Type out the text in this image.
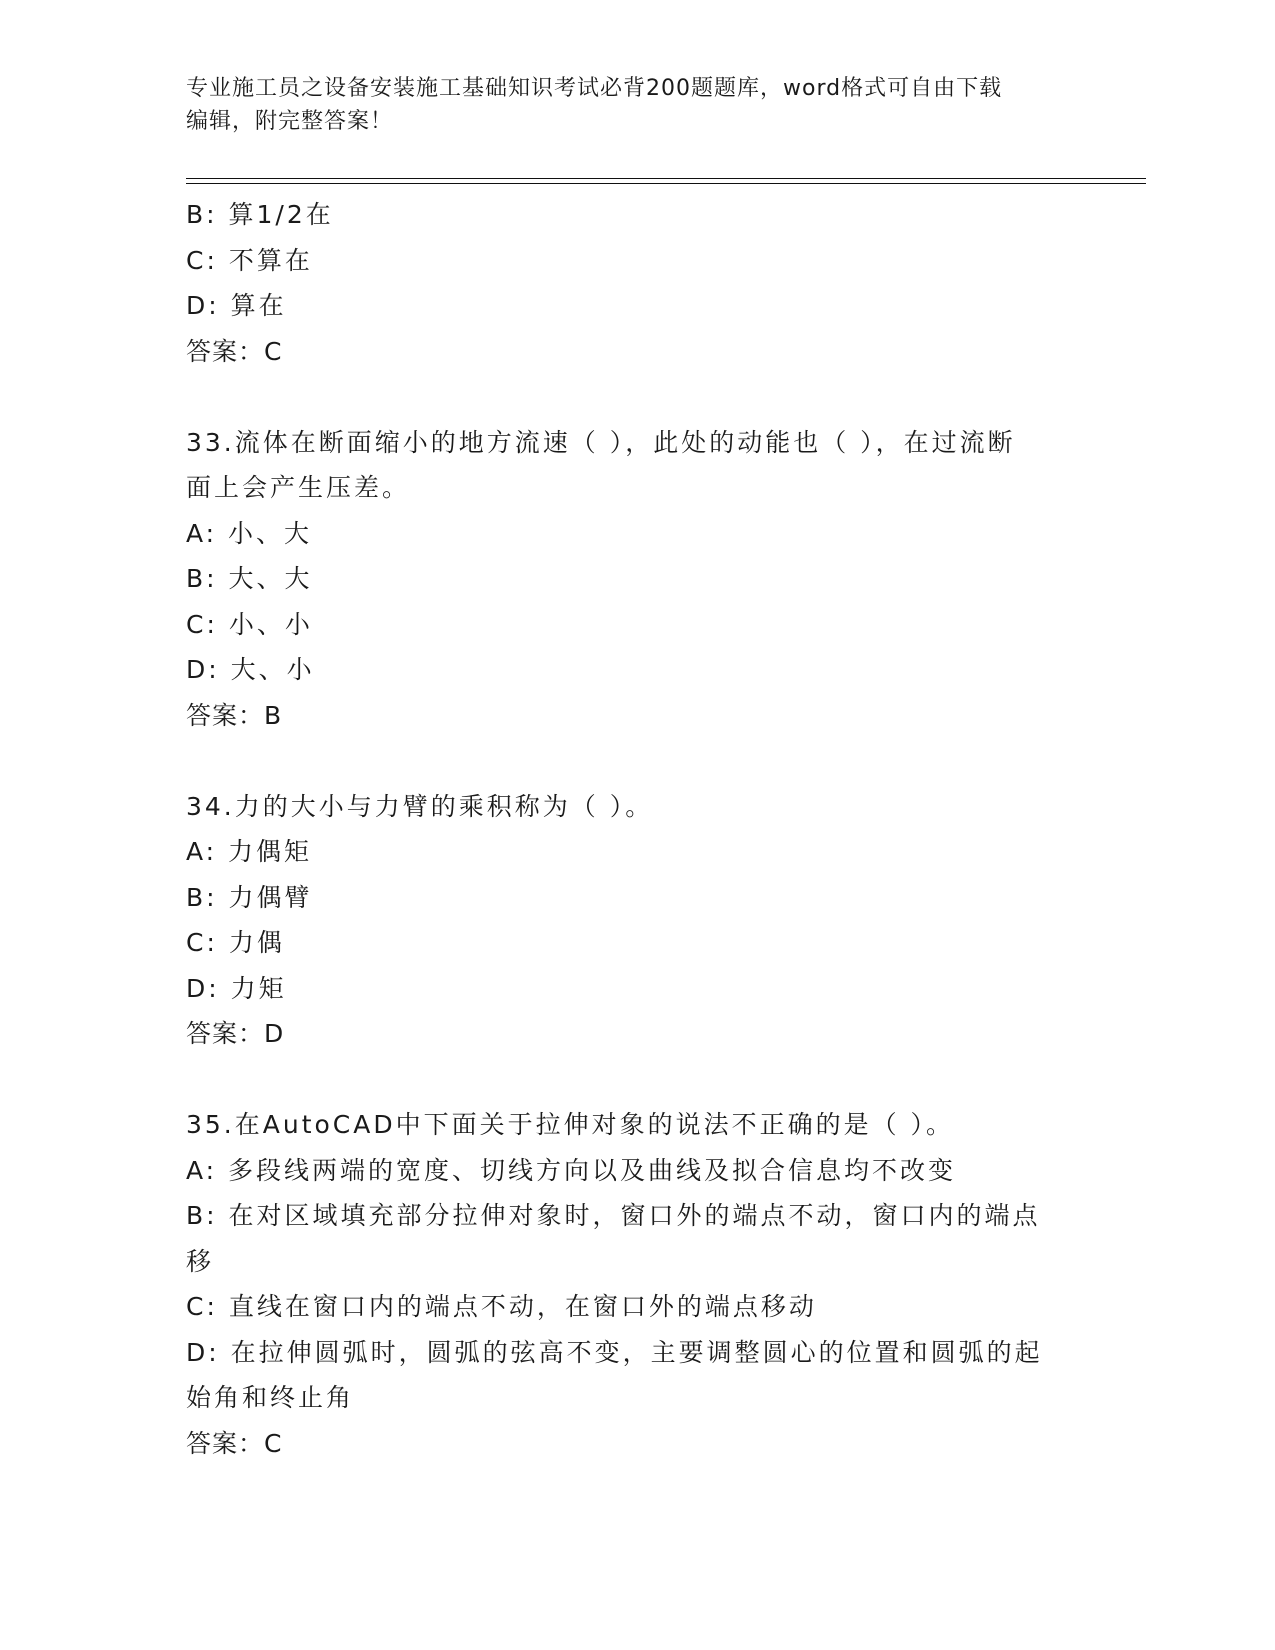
专业施工员之设备安装施工基础知识考试必背200题题库，word格式可自由下载
编辑，附完整答案！
B: 算1/2在
C: 不算在
D: 算在
答案：C
33.流体在断面缩小的地方流速（ ），此处的动能也（ ），在过流断
面上会产生压差。
A: 小、大
B: 大、大
C: 小、小
D: 大、小
答案：B
34.力的大小与力臂的乘积称为（ ）。
A: 力偶矩
B: 力偶臂
C: 力偶
D: 力矩
答案：D
35.在AutoCAD中下面关于拉伸对象的说法不正确的是（ ）。
A: 多段线两端的宽度、切线方向以及曲线及拟合信息均不改变
B: 在对区域填充部分拉伸对象时，窗口外的端点不动，窗口内的端点
移
C: 直线在窗口内的端点不动，在窗口外的端点移动
D: 在拉伸圆弧时，圆弧的弦高不变，主要调整圆心的位置和圆弧的起
始角和终止角
答案：C
